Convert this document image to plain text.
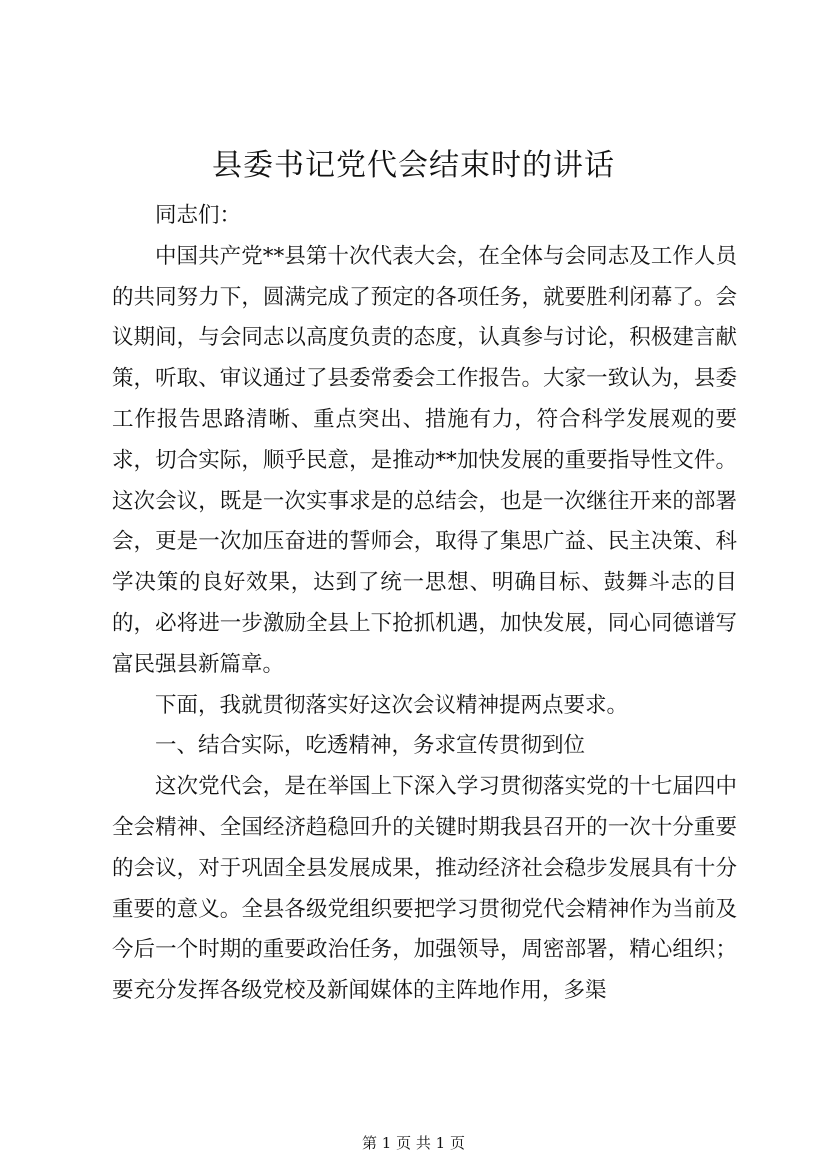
县委书记党代会结束时的讲话

同志们：

中国共产党**县第十次代表大会，在全体与会同志及工作人员的共同努力下，圆满完成了预定的各项任务，就要胜利闭幕了。会议期间，与会同志以高度负责的态度，认真参与讨论，积极建言献策，听取、审议通过了县委常委会工作报告。大家一致认为，县委工作报告思路清晰、重点突出、措施有力，符合科学发展观的要求，切合实际，顺乎民意，是推动**加快发展的重要指导性文件。这次会议，既是一次实事求是的总结会，也是一次继往开来的部署会，更是一次加压奋进的誓师会，取得了集思广益、民主决策、科学决策的良好效果，达到了统一思想、明确目标、鼓舞斗志的目的，必将进一步激励全县上下抢抓机遇，加快发展，同心同德谱写富民强县新篇章。

下面，我就贯彻落实好这次会议精神提两点要求。

一、结合实际，吃透精神，务求宣传贯彻到位

这次党代会，是在举国上下深入学习贯彻落实党的十七届四中全会精神、全国经济趋稳回升的关键时期我县召开的一次十分重要的会议，对于巩固全县发展成果，推动经济社会稳步发展具有十分重要的意义。全县各级党组织要把学习贯彻党代会精神作为当前及今后一个时期的重要政治任务，加强领导，周密部署，精心组织；要充分发挥各级党校及新闻媒体的主阵地作用，多渠

第 1 页 共 1 页
